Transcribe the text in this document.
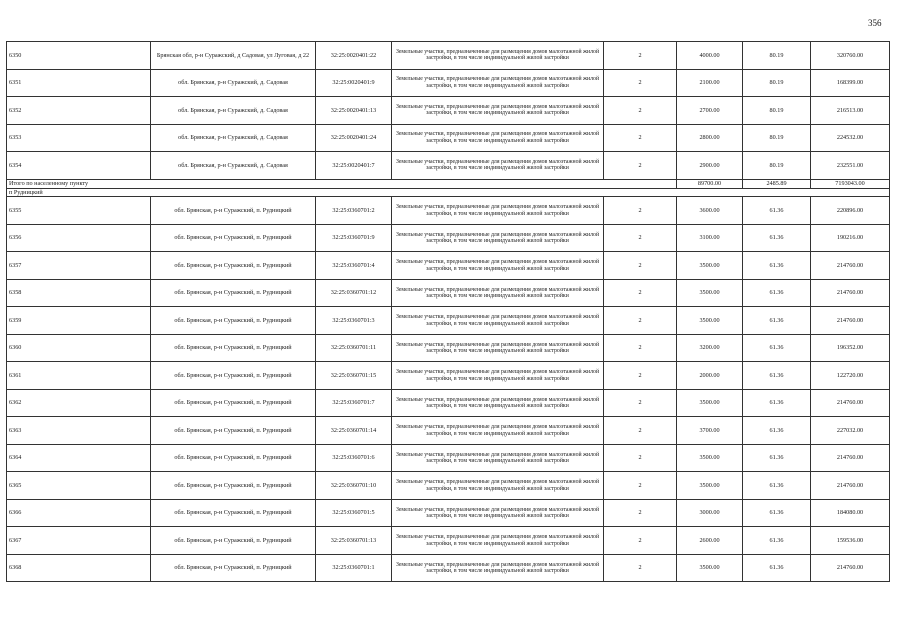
356
6350	Брянская обл, р-н Суражский, д Садовая, ул Луговая, д 22	32:25:0020401:22	Земельные участки, предназначенные для размещения домов малоэтажной жилой застройки, в том числе индивидуальной жилой застройки	2	4000.00	80.19	320760.00
6351	обл. Брянская, р-н Суражский, д. Садовая	32:25:0020401:9	Земельные участки, предназначенные для размещения домов малоэтажной жилой застройки, в том числе индивидуальной жилой застройки	2	2100.00	80.19	168399.00
6352	обл. Брянская, р-н Суражский, д. Садовая	32:25:0020401:13	Земельные участки, предназначенные для размещения домов малоэтажной жилой застройки, в том числе индивидуальной жилой застройки	2	2700.00	80.19	216513.00
6353	обл. Брянская, р-н Суражский, д. Садовая	32:25:0020401:24	Земельные участки, предназначенные для размещения домов малоэтажной жилой застройки, в том числе индивидуальной жилой застройки	2	2800.00	80.19	224532.00
6354	обл. Брянская, р-н Суражский, д. Садовая	32:25:0020401:7	Земельные участки, предназначенные для размещения домов малоэтажной жилой застройки, в том числе индивидуальной жилой застройки	2	2900.00	80.19	232551.00
Итого по населенному пункту					89700.00	2485.89	7193043.00
п Рудницкий							
6355	обл. Брянская, р-н Суражский, п. Рудницкий	32:25:0360701:2	Земельные участки, предназначенные для размещения домов малоэтажной жилой застройки, в том числе индивидуальной жилой застройки	2	3600.00	61.36	220896.00
6356	обл. Брянская, р-н Суражский, п. Рудницкий	32:25:0360701:9	Земельные участки, предназначенные для размещения домов малоэтажной жилой застройки, в том числе индивидуальной жилой застройки	2	3100.00	61.36	190216.00
6357	обл. Брянская, р-н Суражский, п. Рудницкий	32:25:0360701:4	Земельные участки, предназначенные для размещения домов малоэтажной жилой застройки, в том числе индивидуальной жилой застройки	2	3500.00	61.36	214760.00
6358	обл. Брянская, р-н Суражский, п. Рудницкий	32:25:0360701:12	Земельные участки, предназначенные для размещения домов малоэтажной жилой застройки, в том числе индивидуальной жилой застройки	2	3500.00	61.36	214760.00
6359	обл. Брянская, р-н Суражский, п. Рудницкий	32:25:0360701:3	Земельные участки, предназначенные для размещения домов малоэтажной жилой застройки, в том числе индивидуальной жилой застройки	2	3500.00	61.36	214760.00
6360	обл. Брянская, р-н Суражский, п. Рудницкий	32:25:0360701:11	Земельные участки, предназначенные для размещения домов малоэтажной жилой застройки, в том числе индивидуальной жилой застройки	2	3200.00	61.36	196352.00
6361	обл. Брянская, р-н Суражский, п. Рудницкий	32:25:0360701:15	Земельные участки, предназначенные для размещения домов малоэтажной жилой застройки, в том числе индивидуальной жилой застройки	2	2000.00	61.36	122720.00
6362	обл. Брянская, р-н Суражский, п. Рудницкий	32:25:0360701:7	Земельные участки, предназначенные для размещения домов малоэтажной жилой застройки, в том числе индивидуальной жилой застройки	2	3500.00	61.36	214760.00
6363	обл. Брянская, р-н Суражский, п. Рудницкий	32:25:0360701:14	Земельные участки, предназначенные для размещения домов малоэтажной жилой застройки, в том числе индивидуальной жилой застройки	2	3700.00	61.36	227032.00
6364	обл. Брянская, р-н Суражский, п. Рудницкий	32:25:0360701:6	Земельные участки, предназначенные для размещения домов малоэтажной жилой застройки, в том числе индивидуальной жилой застройки	2	3500.00	61.36	214760.00
6365	обл. Брянская, р-н Суражский, п. Рудницкий	32:25:0360701:10	Земельные участки, предназначенные для размещения домов малоэтажной жилой застройки, в том числе индивидуальной жилой застройки	2	3500.00	61.36	214760.00
6366	обл. Брянская, р-н Суражский, п. Рудницкий	32:25:0360701:5	Земельные участки, предназначенные для размещения домов малоэтажной жилой застройки, в том числе индивидуальной жилой застройки	2	3000.00	61.36	184080.00
6367	обл. Брянская, р-н Суражский, п. Рудницкий	32:25:0360701:13	Земельные участки, предназначенные для размещения домов малоэтажной жилой застройки, в том числе индивидуальной жилой застройки	2	2600.00	61.36	159536.00
6368	обл. Брянская, р-н Суражский, п. Рудницкий	32:25:0360701:1	Земельные участки, предназначенные для размещения домов малоэтажной жилой застройки, в том числе индивидуальной жилой застройки	2	3500.00	61.36	214760.00
